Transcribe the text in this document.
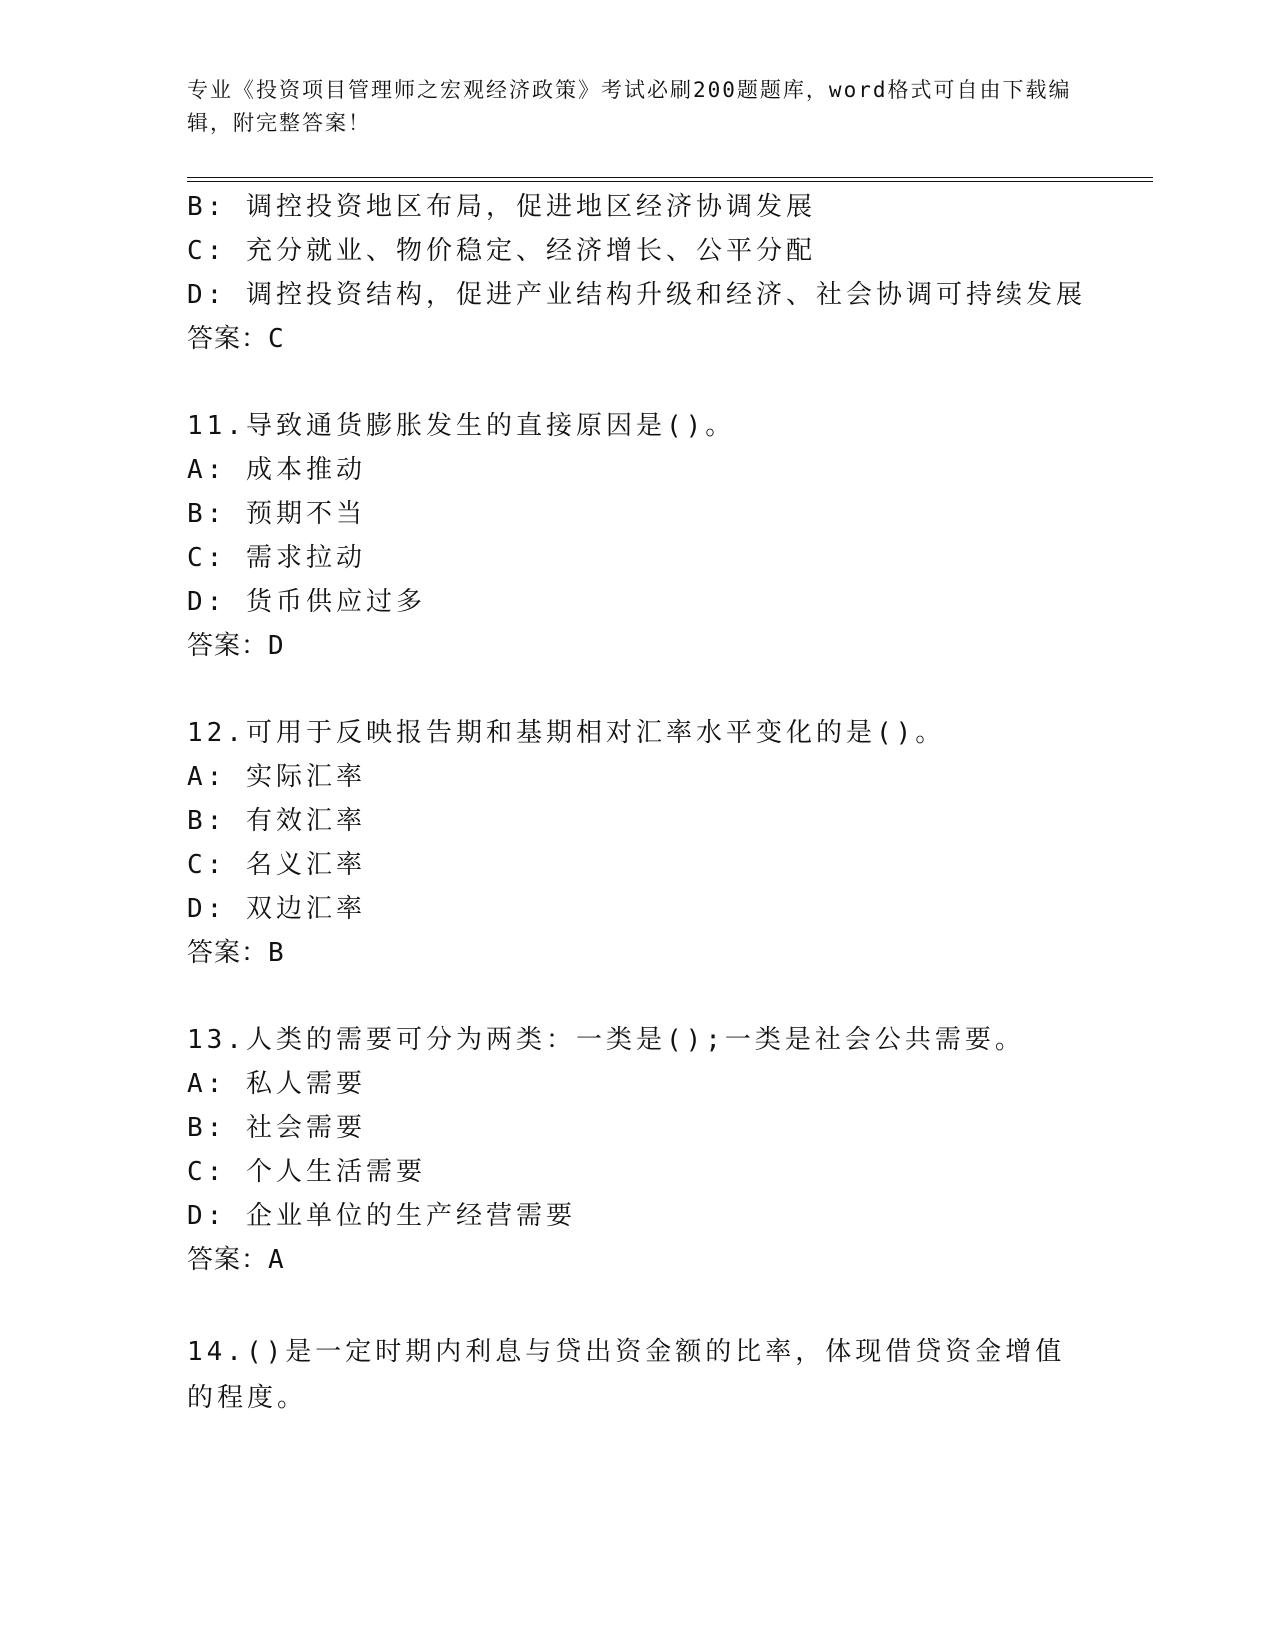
专业《投资项目管理师之宏观经济政策》考试必刷200题题库，word格式可自由下载编辑，附完整答案！
B: 调控投资地区布局，促进地区经济协调发展
C: 充分就业、物价稳定、经济增长、公平分配
D: 调控投资结构，促进产业结构升级和经济、社会协调可持续发展
答案：C
11.导致通货膨胀发生的直接原因是()。
A: 成本推动
B: 预期不当
C: 需求拉动
D: 货币供应过多
答案：D
12.可用于反映报告期和基期相对汇率水平变化的是()。
A: 实际汇率
B: 有效汇率
C: 名义汇率
D: 双边汇率
答案：B
13.人类的需要可分为两类：一类是();一类是社会公共需要。
A: 私人需要
B: 社会需要
C: 个人生活需要
D: 企业单位的生产经营需要
答案：A
14.()是一定时期内利息与贷出资金额的比率，体现借贷资金增值的程度。
